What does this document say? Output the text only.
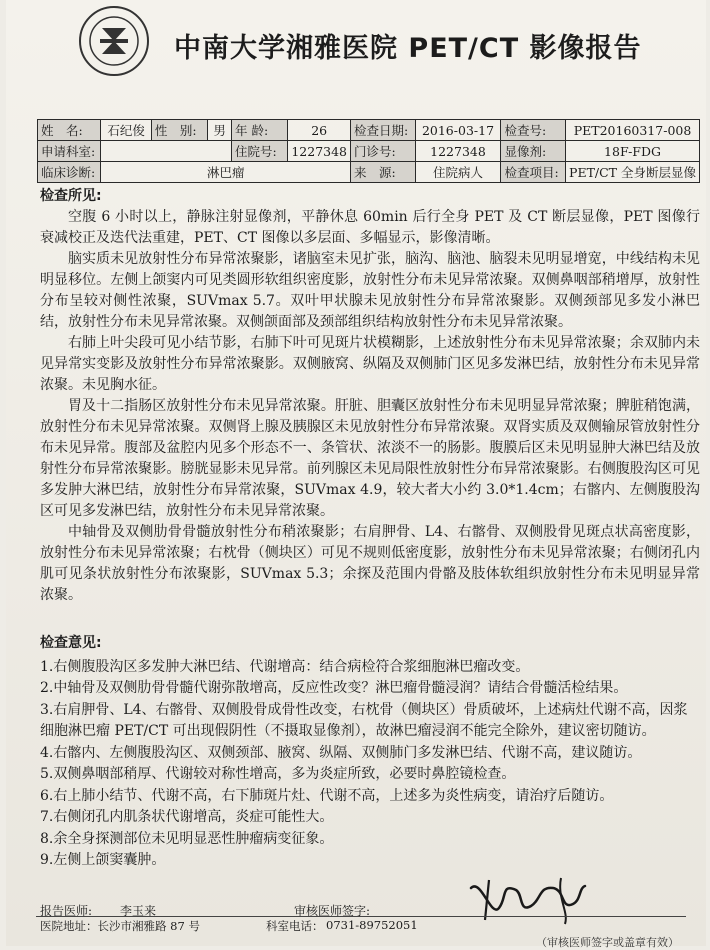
中南大学湘雅医院 PET/CT 影像报告
姓　名:	石纪俊	性　别:	男	年 龄:	26	检查日期:	2016-03-17	检查号:	PET20160317-008
申请科室:				住院号:	1227348	门诊号:	1227348	显像剂:	18F-FDG
临床诊断:	淋巴瘤					来　源:	住院病人	检查项目:	PET/CT 全身断层显像
检查所见:

空腹 6 小时以上，静脉注射显像剂，平静休息 60min 后行全身 PET 及 CT 断层显像，PET 图像行衰减校正及迭代法重建，PET、CT 图像以多层面、多幅显示，影像清晰。

脑实质未见放射性分布异常浓聚影，诸脑室未见扩张，脑沟、脑池、脑裂未见明显增宽，中线结构未见明显移位。左侧上颌窦内可见类圆形软组织密度影，放射性分布未见异常浓聚。双侧鼻咽部稍增厚，放射性分布呈较对侧性浓聚，SUVmax 5.7。双叶甲状腺未见放射性分布异常浓聚影。双侧颈部见多发小淋巴结，放射性分布未见异常浓聚。双侧颌面部及颈部组织结构放射性分布未见异常浓聚。

右肺上叶尖段可见小结节影，右肺下叶可见斑片状模糊影，上述放射性分布未见异常浓聚；余双肺内未见异常实变影及放射性分布异常浓聚影。双侧腋窝、纵隔及双侧肺门区见多发淋巴结，放射性分布未见异常浓聚。未见胸水征。

胃及十二指肠区放射性分布未见异常浓聚。肝脏、胆囊区放射性分布未见明显异常浓聚；脾脏稍饱满，放射性分布未见异常浓聚。双侧肾上腺及胰腺区未见放射性分布异常浓聚。双肾实质及双侧输尿管放射性分布未见异常。腹部及盆腔内见多个形态不一、条管状、浓淡不一的肠影。腹膜后区未见明显肿大淋巴结及放射性分布异常浓聚影。膀胱显影未见异常。前列腺区未见局限性放射性分布异常浓聚影。右侧腹股沟区可见多发肿大淋巴结，放射性分布异常浓聚，SUVmax 4.9，较大者大小约 3.0*1.4cm；右髂内、左侧腹股沟区可见多发淋巴结，放射性分布未见异常浓聚。

中轴骨及双侧肋骨骨髓放射性分布稍浓聚影；右肩胛骨、L4、右髂骨、双侧股骨见斑点状高密度影，放射性分布未见异常浓聚；右枕骨（侧块区）可见不规则低密度影，放射性分布未见异常浓聚；右侧闭孔内肌可见条状放射性分布浓聚影，SUVmax 5.3；余探及范围内骨骼及肢体软组织放射性分布未见明显异常浓聚。

检查意见:

1.右侧腹股沟区多发肿大淋巴结、代谢增高：结合病检符合浆细胞淋巴瘤改变。

2.中轴骨及双侧肋骨骨髓代谢弥散增高，反应性改变？淋巴瘤骨髓浸润？请结合骨髓活检结果。

3.右肩胛骨、L4、右髂骨、双侧股骨成骨性改变，右枕骨（侧块区）骨质破坏，上述病灶代谢不高，因浆细胞淋巴瘤 PET/CT 可出现假阴性（不摄取显像剂），故淋巴瘤浸润不能完全除外，建议密切随访。

4.右髂内、左侧腹股沟区、双侧颈部、腋窝、纵隔、双侧肺门多发淋巴结、代谢不高，建议随访。

5.双侧鼻咽部稍厚、代谢较对称性增高，多为炎症所致，必要时鼻腔镜检查。

6.右上肺小结节、代谢不高，右下肺斑片灶、代谢不高，上述多为炎性病变，请治疗后随访。

7.右侧闭孔内肌条状代谢增高，炎症可能性大。

8.余全身探测部位未见明显恶性肿瘤病变征象。

9.左侧上颌窦囊肿。

报告医师: 李玉来	审核医师签字:
医院地址：长沙市湘雅路 87 号	科室电话： 0731-89752051
（审核医师签字或盖章有效）
